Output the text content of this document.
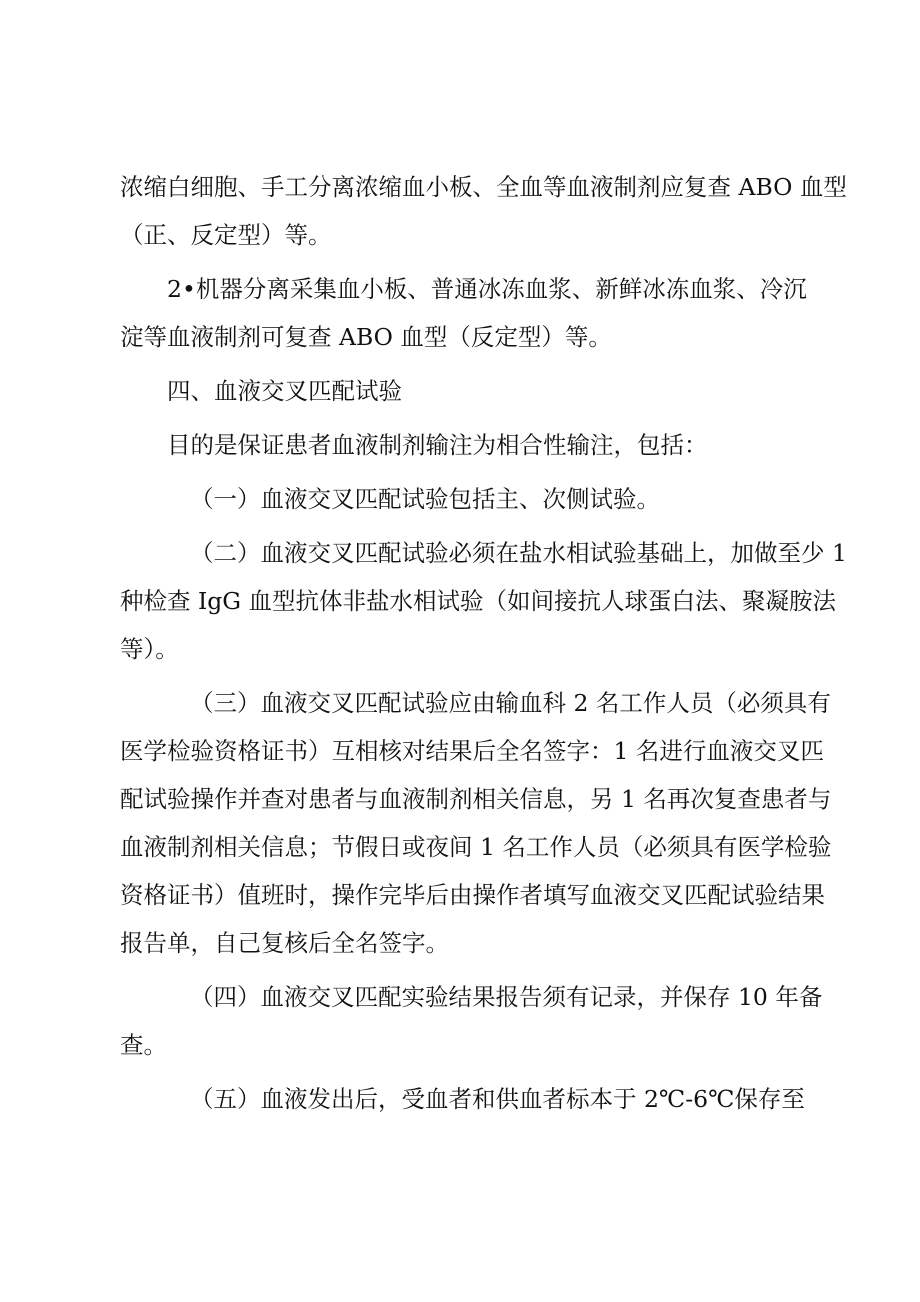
浓缩白细胞、手工分离浓缩血小板、全血等血液制剂应复查 ABO 血型
（正、反定型）等。
2•机器分离采集血小板、普通冰冻血浆、新鲜冰冻血浆、冷沉
淀等血液制剂可复查 ABO 血型（反定型）等。
四、血液交叉匹配试验
目的是保证患者血液制剂输注为相合性输注，包括：
（一）血液交叉匹配试验包括主、次侧试验。
（二）血液交叉匹配试验必须在盐水相试验基础上，加做至少 1
种检查 IgG 血型抗体非盐水相试验（如间接抗人球蛋白法、聚凝胺法
等）。
（三）血液交叉匹配试验应由输血科 2 名工作人员（必须具有
医学检验资格证书）互相核对结果后全名签字：1 名进行血液交叉匹
配试验操作并查对患者与血液制剂相关信息，另 1 名再次复查患者与
血液制剂相关信息；节假日或夜间 1 名工作人员（必须具有医学检验
资格证书）值班时，操作完毕后由操作者填写血液交叉匹配试验结果
报告单，自己复核后全名签字。
（四）血液交叉匹配实验结果报告须有记录，并保存 10 年备
查。
（五）血液发出后，受血者和供血者标本于 2℃-6℃保存至
